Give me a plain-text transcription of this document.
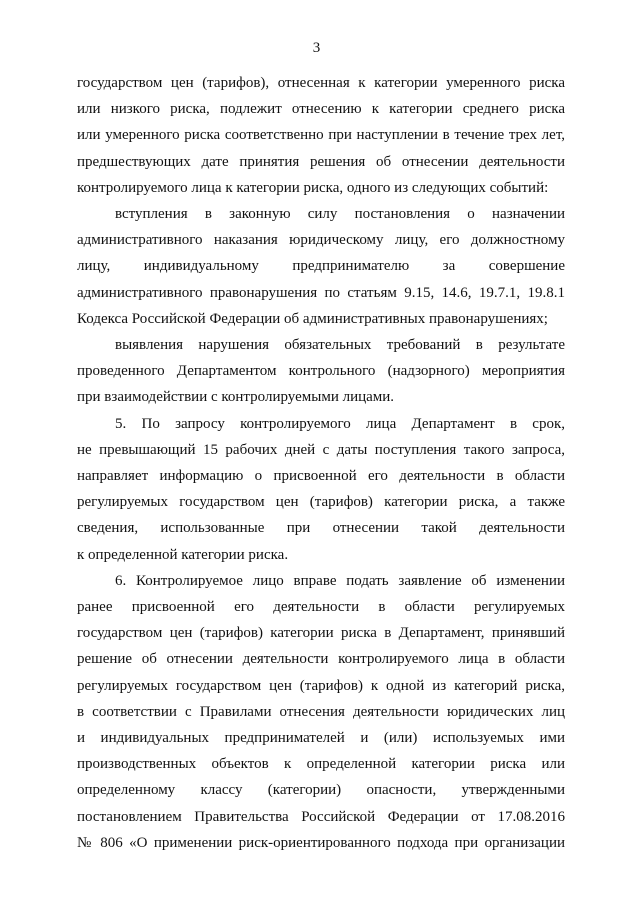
3
государством цен (тарифов), отнесенная к категории умеренного риска
или низкого риска, подлежит отнесению к категории среднего риска
или умеренного риска соответственно при наступлении в течение трех лет,
предшествующих дате принятия решения об отнесении деятельности
контролируемого лица к категории риска, одного из следующих событий:
вступления в законную силу постановления о назначении
административного наказания юридическому лицу, его должностному
лицу, индивидуальному предпринимателю за совершение
административного правонарушения по статьям 9.15, 14.6, 19.7.1, 19.8.1
Кодекса Российской Федерации об административных правонарушениях;
выявления нарушения обязательных требований в результате
проведенного Департаментом контрольного (надзорного) мероприятия
при взаимодействии с контролируемыми лицами.
5. По запросу контролируемого лица Департамент в срок,
не превышающий 15 рабочих дней с даты поступления такого запроса,
направляет информацию о присвоенной его деятельности в области
регулируемых государством цен (тарифов) категории риска, а также
сведения, использованные при отнесении такой деятельности
к определенной категории риска.
6. Контролируемое лицо вправе подать заявление об изменении
ранее присвоенной его деятельности в области регулируемых
государством цен (тарифов) категории риска в Департамент, принявший
решение об отнесении деятельности контролируемого лица в области
регулируемых государством цен (тарифов) к одной из категорий риска,
в соответствии с Правилами отнесения деятельности юридических лиц
и индивидуальных предпринимателей и (или) используемых ими
производственных объектов к определенной категории риска или
определенному классу (категории) опасности, утвержденными
постановлением Правительства Российской Федерации от 17.08.2016
№ 806 «О применении риск-ориентированного подхода при организации
